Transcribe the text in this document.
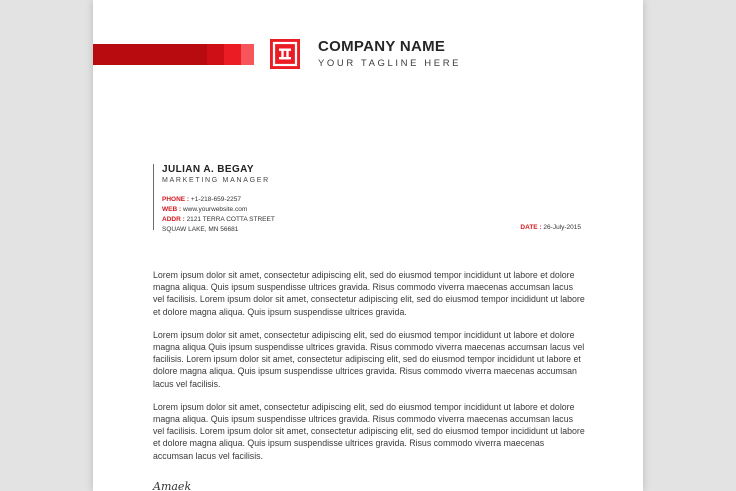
COMPANY NAME
YOUR TAGLINE HERE
JULIAN A. BEGAY
MARKETING MANAGER
PHONE : +1-218-659-2257
WEB : www.yourwebsite.com
ADDR : 2121 TERRA COTTA STREET
SQUAW LAKE, MN 56681	DATE : 26-July-2015

Lorem ipsum dolor sit amet, consectetur adipiscing elit, sed do eiusmod tempor incididunt ut labore et dolore magna aliqua. Quis ipsum suspendisse ultrices gravida. Risus commodo viverra maecenas accumsan lacus vel facilisis. Lorem ipsum dolor sit amet, consectetur adipiscing elit, sed do eiusmod tempor incididunt ut labore et dolore magna aliqua. Quis ipsum suspendisse ultrices gravida.

Lorem ipsum dolor sit amet, consectetur adipiscing elit, sed do eiusmod tempor incididunt ut labore et dolore magna aliqua Quis ipsum suspendisse ultrices gravida. Risus commodo viverra maecenas accumsan lacus vel facilisis. Lorem ipsum dolor sit amet, consectetur adipiscing elit, sed do eiusmod tempor incididunt ut labore et dolore magna aliqua. Quis ipsum suspendisse ultrices gravida. Risus commodo viverra maecenas accumsan lacus vel facilisis.

Lorem ipsum dolor sit amet, consectetur adipiscing elit, sed do eiusmod tempor incididunt ut labore et dolore magna aliqua. Quis ipsum suspendisse ultrices gravida. Risus commodo viverra maecenas accumsan lacus vel facilisis. Lorem ipsum dolor sit amet, consectetur adipiscing elit, sed do eiusmod tempor incididunt ut labore et dolore magna aliqua. Quis ipsum suspendisse ultrices gravida. Risus commodo viverra maecenas accumsan lacus vel facilisis.

Amaek
